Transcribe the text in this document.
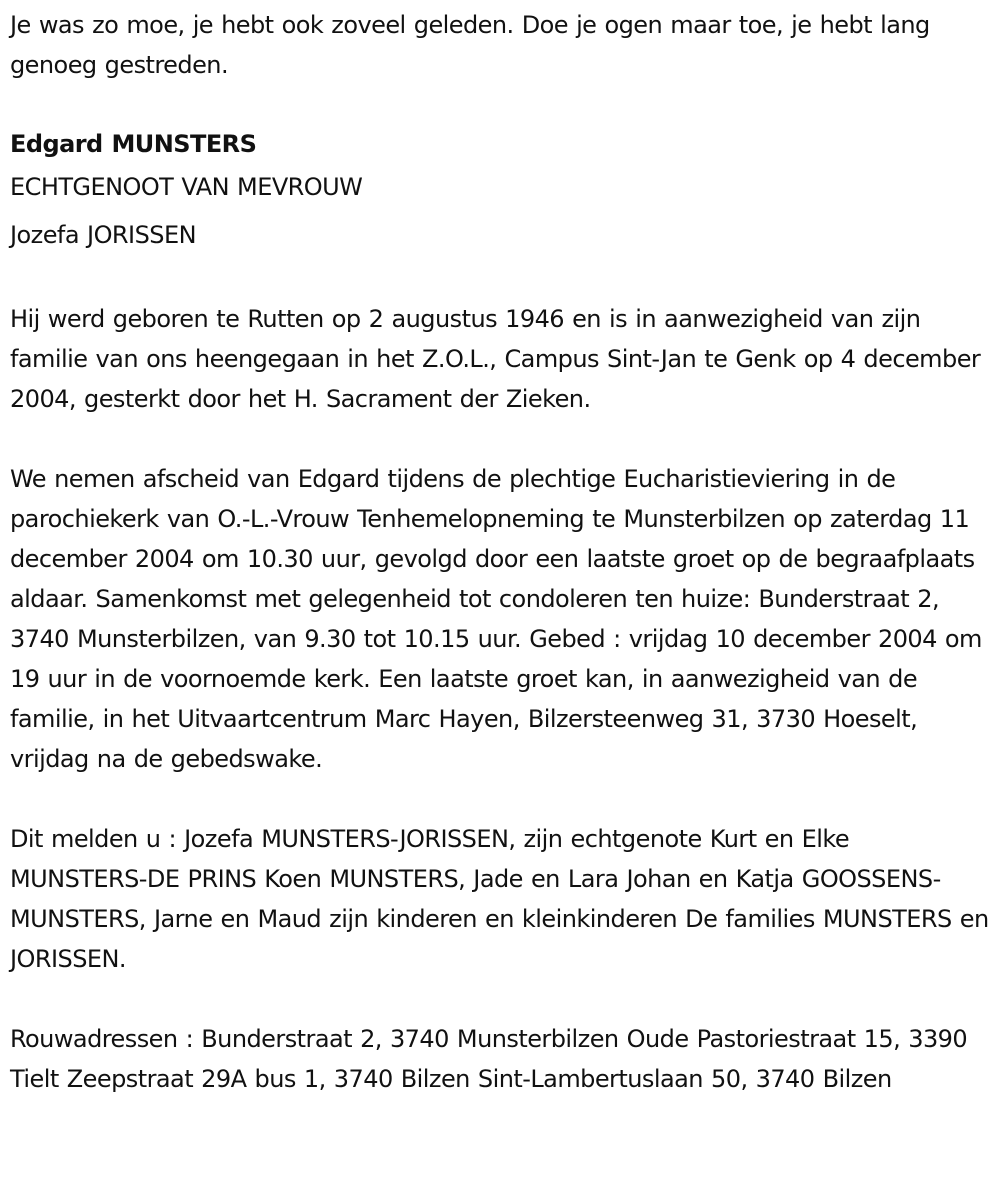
Je was zo moe, je hebt ook zoveel geleden. Doe je ogen maar toe, je hebt lang genoeg gestreden.

Edgard MUNSTERS

ECHTGENOOT VAN MEVROUW

Jozefa JORISSEN

Hij werd geboren te Rutten op 2 augustus 1946 en is in aanwezigheid van zijn familie van ons heengegaan in het Z.O.L., Campus Sint-Jan te Genk op 4 december 2004, gesterkt door het H. Sacrament der Zieken.

We nemen afscheid van Edgard tijdens de plechtige Eucharistieviering in de parochiekerk van O.-L.-Vrouw Tenhemelopneming te Munsterbilzen op zaterdag 11 december 2004 om 10.30 uur, gevolgd door een laatste groet op de begraafplaats aldaar. Samenkomst met gelegenheid tot condoleren ten huize: Bunderstraat 2, 3740 Munsterbilzen, van 9.30 tot 10.15 uur. Gebed : vrijdag 10 december 2004 om 19 uur in de voornoemde kerk. Een laatste groet kan, in aanwezigheid van de familie, in het Uitvaartcentrum Marc Hayen, Bilzersteenweg 31, 3730 Hoeselt, vrijdag na de gebedswake.

Dit melden u : Jozefa MUNSTERS-JORISSEN, zijn echtgenote Kurt en Elke MUNSTERS-DE PRINS Koen MUNSTERS, Jade en Lara Johan en Katja GOOSSENS-MUNSTERS, Jarne en Maud zijn kinderen en kleinkinderen De families MUNSTERS en JORISSEN.

Rouwadressen : Bunderstraat 2, 3740 Munsterbilzen Oude Pastoriestraat 15, 3390 Tielt Zeepstraat 29A bus 1, 3740 Bilzen Sint-Lambertuslaan 50, 3740 Bilzen
